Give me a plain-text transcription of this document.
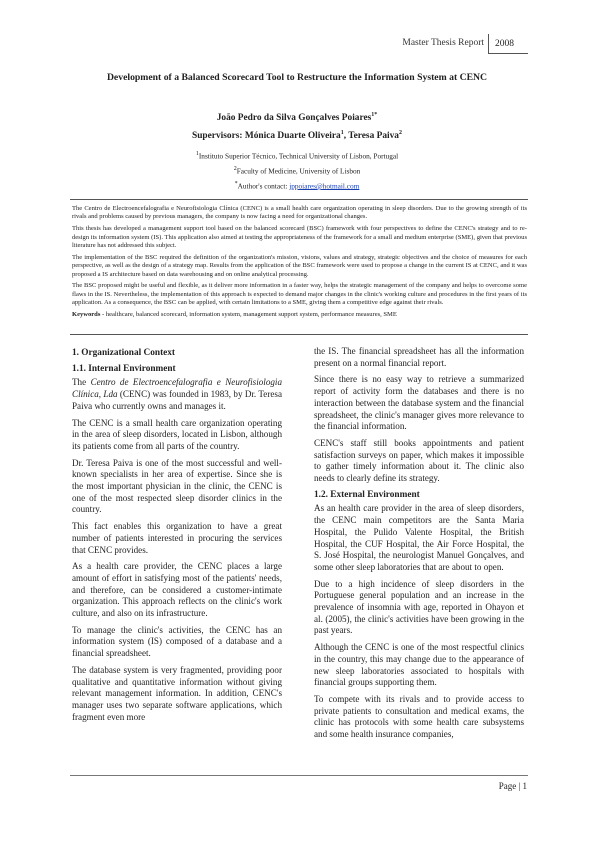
Master Thesis Report	2008
Development of a Balanced Scorecard Tool to Restructure the Information System at CENC
João Pedro da Silva Gonçalves Poiares$^{1*}$
Supervisors: Mónica Duarte Oliveira$^1$, Teresa Paiva$^2$
$^1$Instituto Superior Técnico, Technical University of Lisbon, Portugal
$^2$Faculty of Medicine, University of Lisbon
*Author's contact: jppoiares@hotmail.com

The Centro de Electroencefalografia e Neurofisiologia Clínica (CENC) is a small health care organization operating in sleep disorders. Due to the growing strength of its rivals and problems caused by previous managers, the company is now facing a need for organizational changes.

This thesis has developed a management support tool based on the balanced scorecard (BSC) framework with four perspectives to define the CENC's strategy and to re-design its information system (IS). This application also aimed at testing the appropriateness of the framework for a small and medium enterprise (SME), given that previous literature has not addressed this subject.

The implementation of the BSC required the definition of the organization's mission, visions, values and strategy, strategic objectives and the choice of measures for each perspective, as well as the design of a strategy map. Results from the application of the BSC framework were used to propose a change in the current IS at CENC, and it was proposed a IS architecture based on data warehousing and on online analytical processing.

The BSC proposed might be useful and flexible, as it deliver more information in a faster way, helps the strategic management of the company and helps to overcome some flaws in the IS. Nevertheless, the implementation of this approach is expected to demand major changes in the clinic's working culture and procedures in the first years of its application. As a consequence, the BSC can be applied, with certain limitations to a SME, giving them a competitive edge against their rivals.

Keywords - healthcare, balanced scorecard, information system, management support system, performance measures, SME

1. Organizational Context
1.1. Internal Environment

The Centro de Electroencefalografia e Neurofisiologia Clínica, Lda (CENC) was founded in 1983, by Dr. Teresa Paiva who currently owns and manages it.

The CENC is a small health care organization operating in the area of sleep disorders, located in Lisbon, although its patients come from all parts of the country.

Dr. Teresa Paiva is one of the most successful and well-known specialists in her area of expertise. Since she is the most important physician in the clinic, the CENC is one of the most respected sleep disorder clinics in the country.

This fact enables this organization to have a great number of patients interested in procuring the services that CENC provides.

As a health care provider, the CENC places a large amount of effort in satisfying most of the patients' needs, and therefore, can be considered a customer-intimate organization. This approach reflects on the clinic's work culture, and also on its infrastructure.

To manage the clinic's activities, the CENC has an information system (IS) composed of a database and a financial spreadsheet.

The database system is very fragmented, providing poor qualitative and quantitative information without giving relevant management information. In addition, CENC's manager uses two separate software applications, which fragment even more

the IS. The financial spreadsheet has all the information present on a normal financial report.

Since there is no easy way to retrieve a summarized report of activity form the databases and there is no interaction between the database system and the financial spreadsheet, the clinic's manager gives more relevance to the financial information.

CENC's staff still books appointments and patient satisfaction surveys on paper, which makes it impossible to gather timely information about it. The clinic also needs to clearly define its strategy.

1.2. External Environment

As an health care provider in the area of sleep disorders, the CENC main competitors are the Santa Maria Hospital, the Pulido Valente Hospital, the British Hospital, the CUF Hospital, the Air Force Hospital, the S. José Hospital, the neurologist Manuel Gonçalves, and some other sleep laboratories that are about to open.

Due to a high incidence of sleep disorders in the Portuguese general population and an increase in the prevalence of insomnia with age, reported in Ohayon et al. (2005), the clinic's activities have been growing in the past years.

Although the CENC is one of the most respectful clinics in the country, this may change due to the appearance of new sleep laboratories associated to hospitals with financial groups supporting them.

To compete with its rivals and to provide access to private patients to consultation and medical exams, the clinic has protocols with some health care subsystems and some health insurance companies,

Page | 1
